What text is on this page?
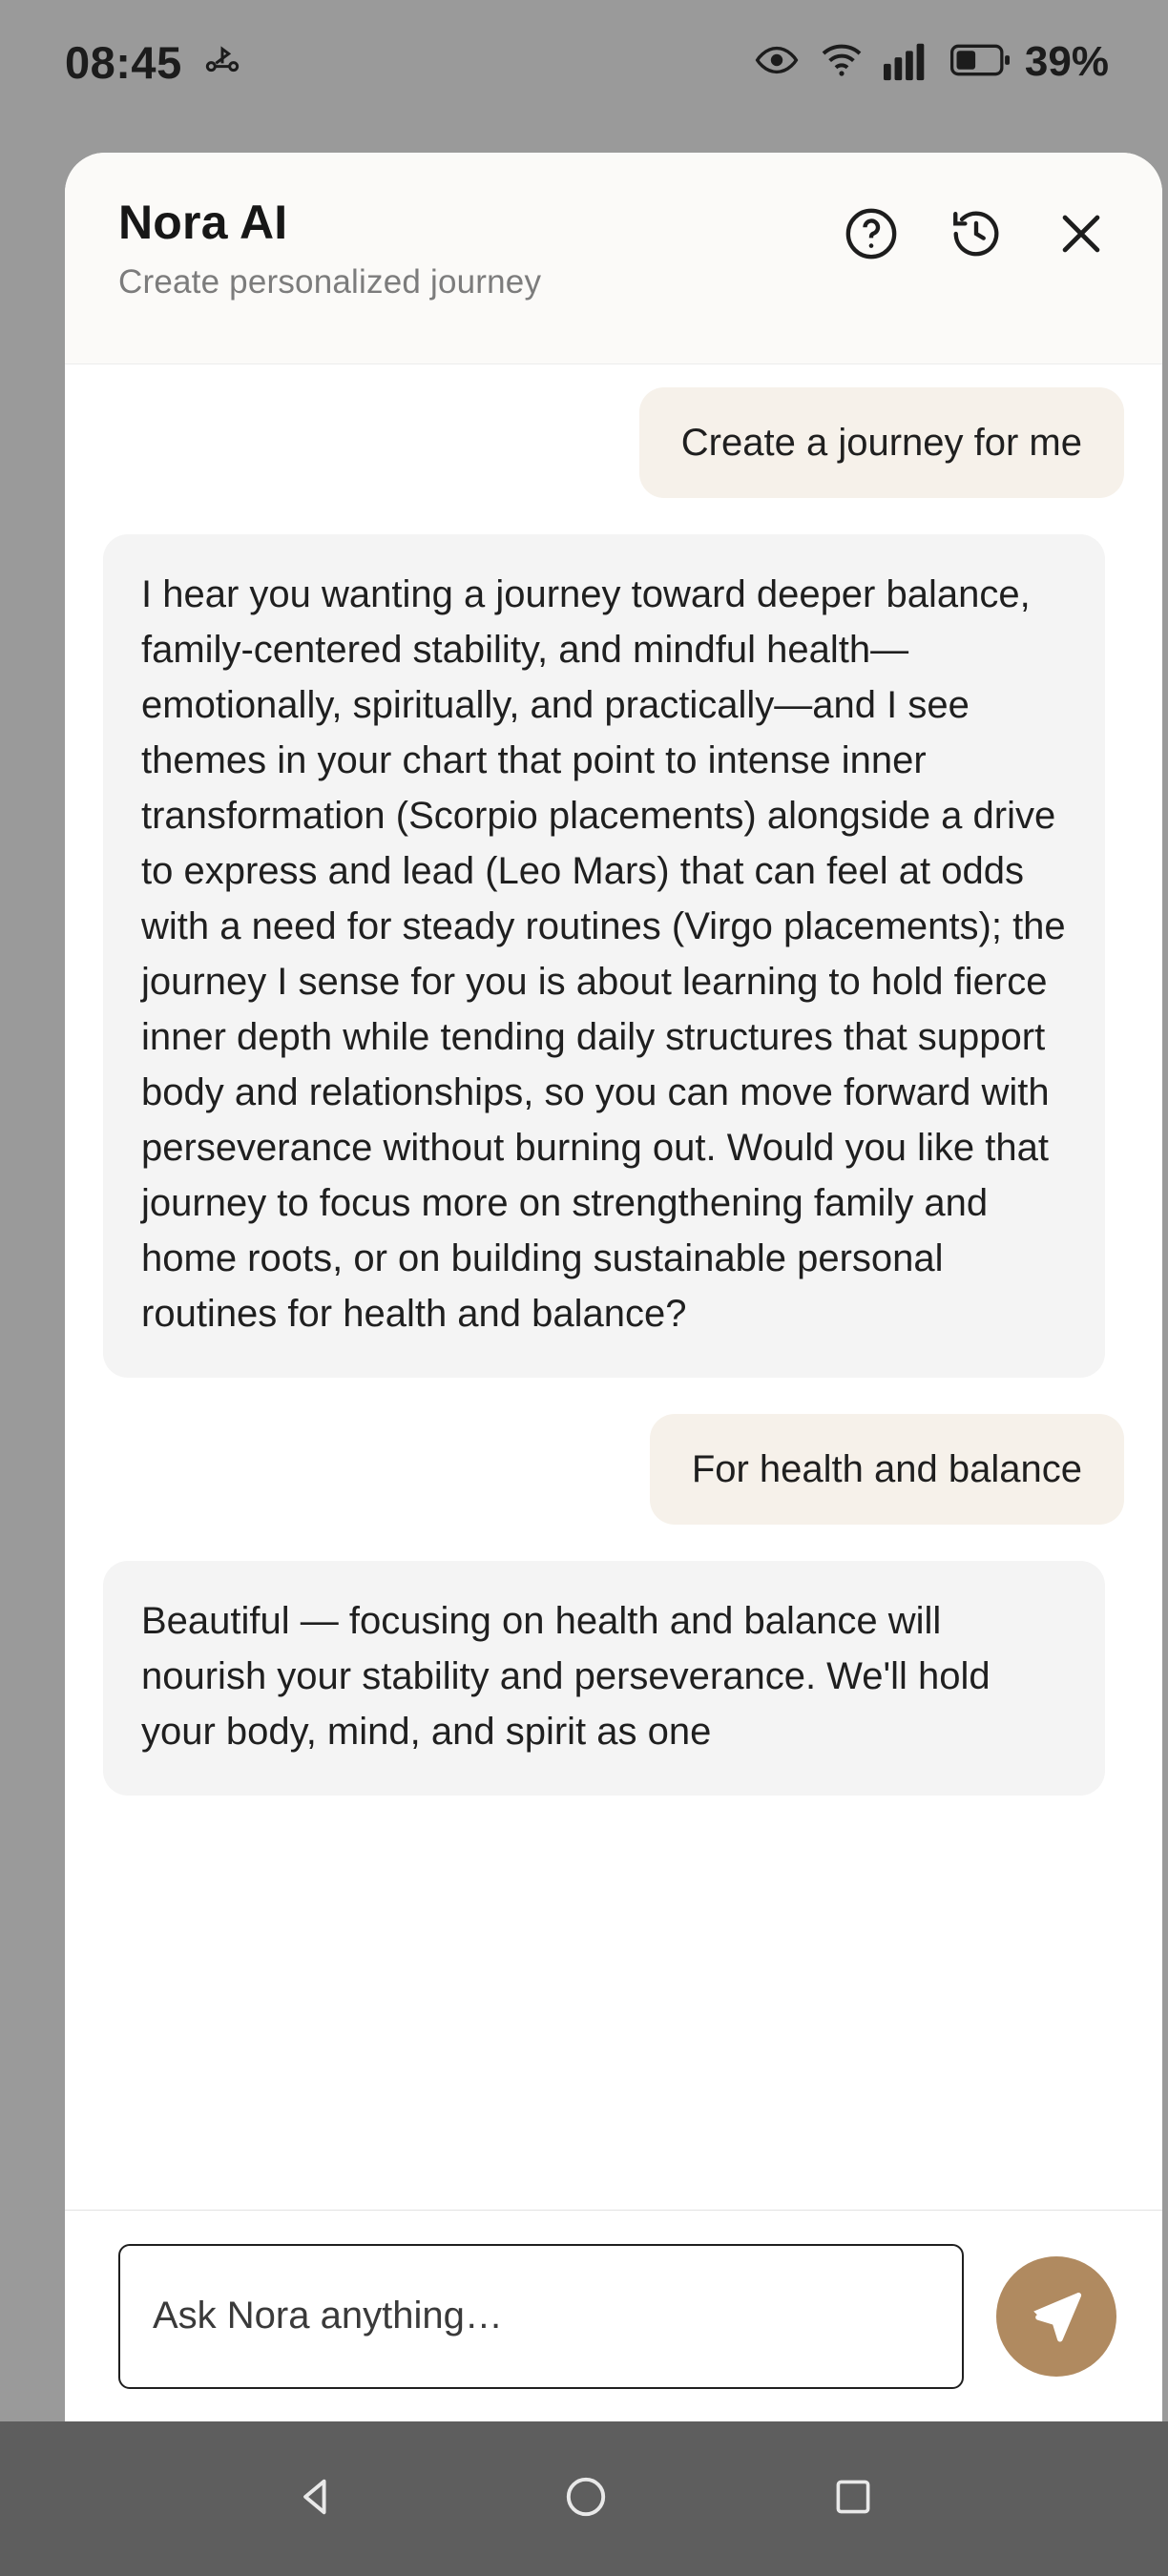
08:45	39%
Nora AI
Create personalized journey
Create a journey for me
I hear you wanting a journey toward deeper balance, family-centered stability, and mindful health—emotionally, spiritually, and practically—and I see themes in your chart that point to intense inner transformation (Scorpio placements) alongside a drive to express and lead (Leo Mars) that can feel at odds with a need for steady routines (Virgo placements); the journey I sense for you is about learning to hold fierce inner depth while tending daily structures that support body and relationships, so you can move forward with perseverance without burning out. Would you like that journey to focus more on strengthening family and home roots, or on building sustainable personal routines for health and balance?
For health and balance
Beautiful — focusing on health and balance will nourish your stability and perseverance. We'll hold your body, mind, and spirit as one
Ask Nora anything…
